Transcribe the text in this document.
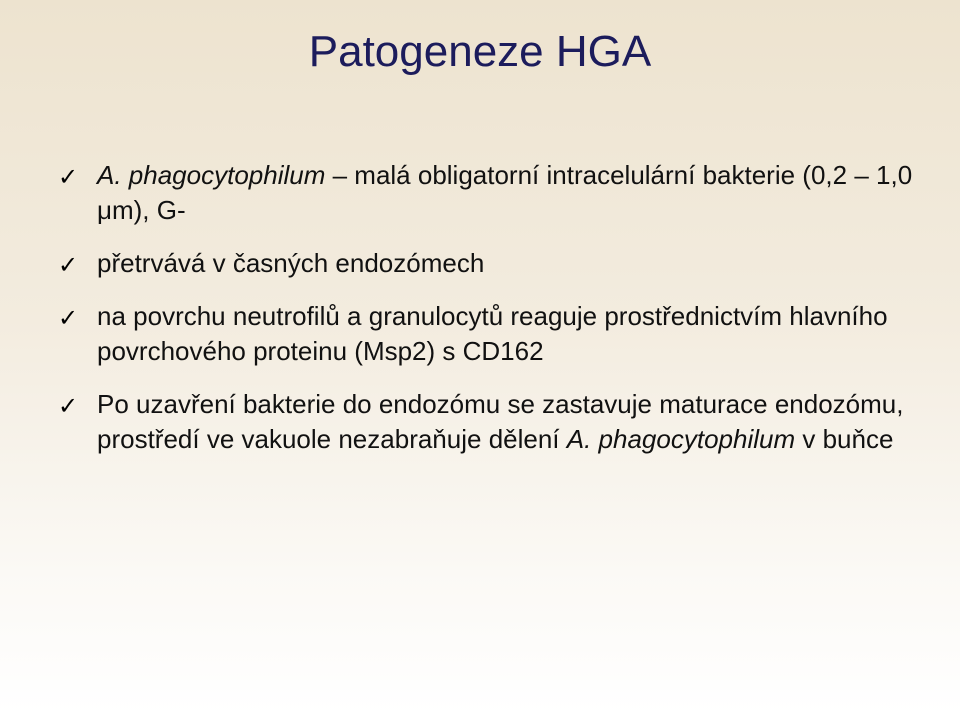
Patogeneze HGA
✓ A. phagocytophilum – malá obligatorní intracelulární bakterie (0,2 – 1,0 μm), G-
✓ přetrvává v časných endozómech
✓ na povrchu neutrofilů a granulocytů reaguje prostřednictvím hlavního povrchového proteinu (Msp2) s CD162
✓ Po uzavření bakterie do endozómu se zastavuje maturace endozómu, prostředí ve vakuole nezabraňuje dělení A. phagocytophilum v buňce
